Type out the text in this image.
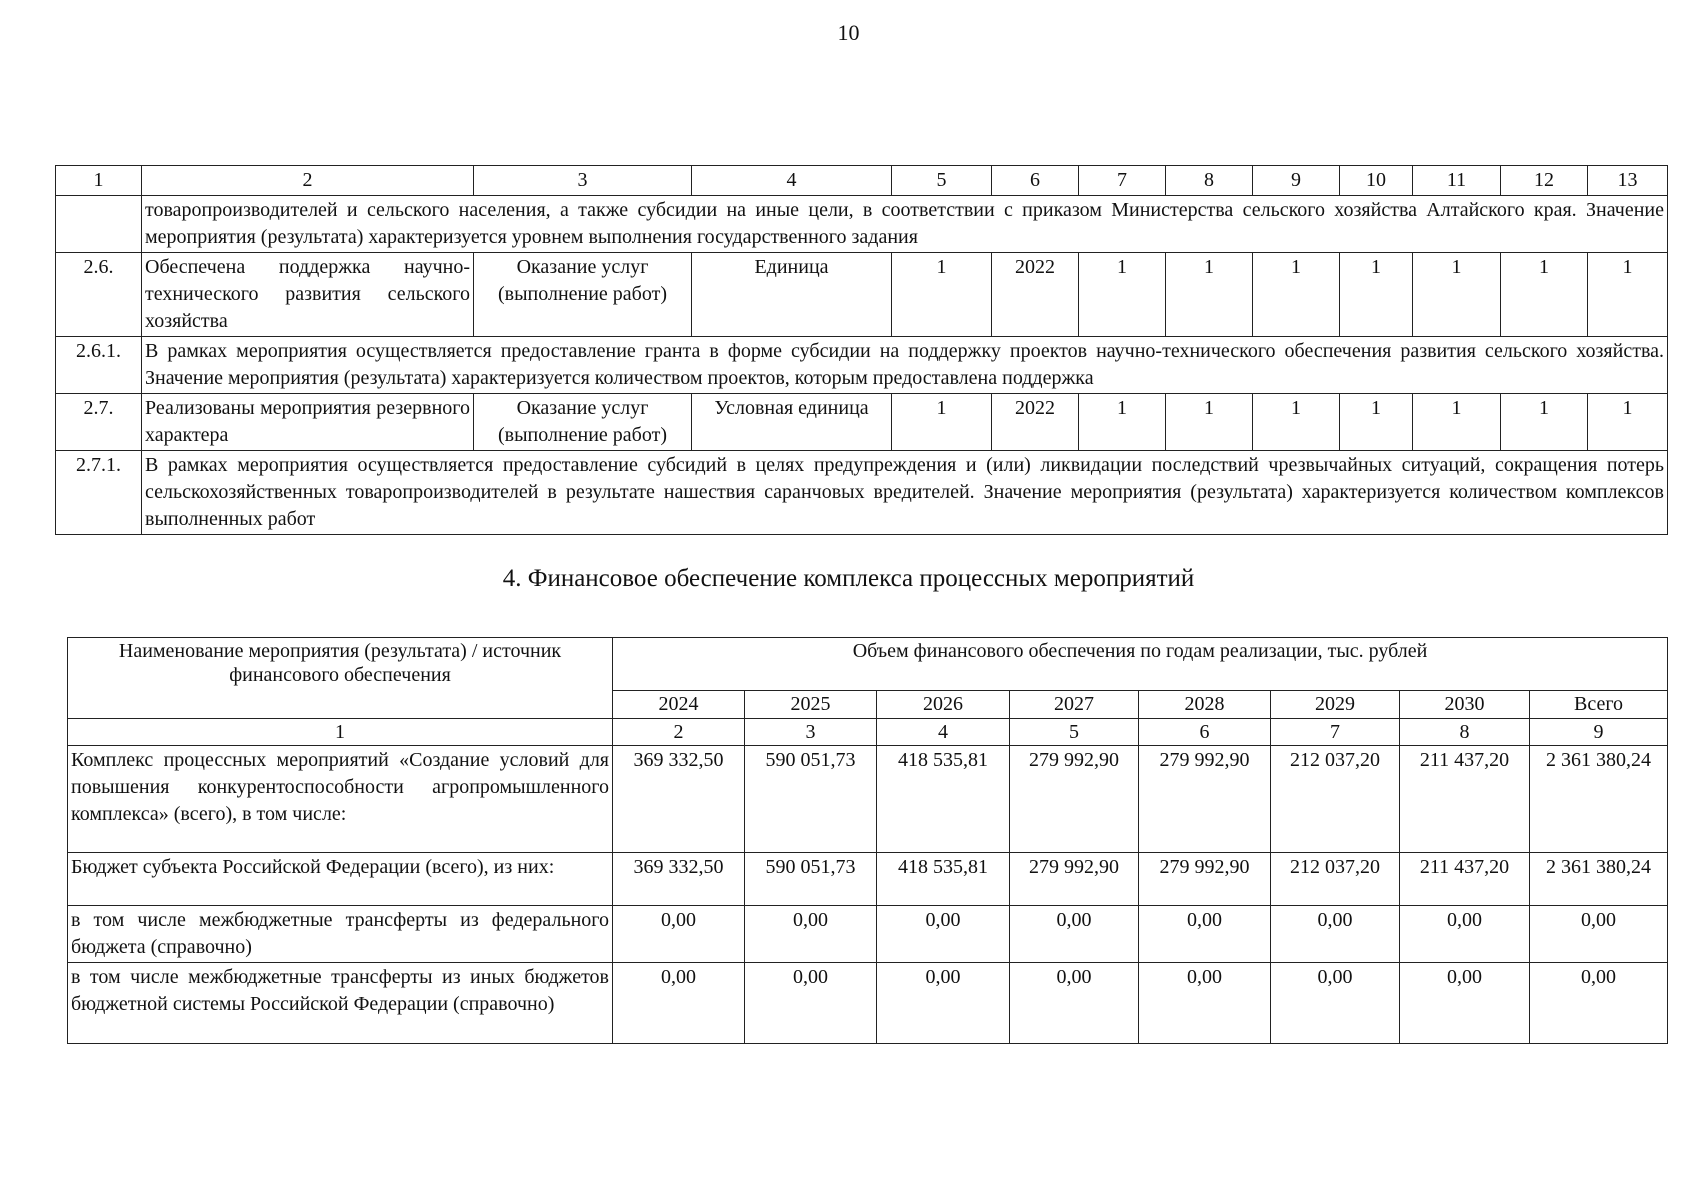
10
1	2	3	4	5	6	7	8	9	10	11	12	13
	товаропроизводителей и сельского населения, а также субсидии на иные цели, в соответствии с приказом Министерства сельского хозяйства Алтайского края. Значение мероприятия (результата) характеризуется уровнем выполнения государственного задания											
2.6.	Обеспечена поддержка научно-технического развития сельского хозяйства	Оказание услуг (выполнение работ)	Единица	1	2022	1	1	1	1	1	1	1
2.6.1.	В рамках мероприятия осуществляется предоставление гранта в форме субсидии на поддержку проектов научно-технического обеспечения развития сельского хозяйства. Значение мероприятия (результата) характеризуется количеством проектов, которым предоставлена поддержка											
2.7.	Реализованы мероприятия резервного характера	Оказание услуг (выполнение работ)	Условная единица	1	2022	1	1	1	1	1	1	1
2.7.1.	В рамках мероприятия осуществляется предоставление субсидий в целях предупреждения и (или) ликвидации последствий чрезвычайных ситуаций, сокращения потерь сельскохозяйственных товаропроизводителей в результате нашествия саранчовых вредителей. Значение мероприятия (результата) характеризуется количеством комплексов выполненных работ											
4. Финансовое обеспечение комплекса процессных мероприятий
Наименование мероприятия (результата) / источник финансового обеспечения	Объем финансового обеспечения по годам реализации, тыс. рублей							
	2024	2025	2026	2027	2028	2029	2030	Всего
1	2	3	4	5	6	7	8	9
Комплекс процессных мероприятий «Создание условий для повышения конкурентоспособности агропромышленного комплекса» (всего), в том числе:	369 332,50	590 051,73	418 535,81	279 992,90	279 992,90	212 037,20	211 437,20	2 361 380,24
Бюджет субъекта Российской Федерации (всего), из них:	369 332,50	590 051,73	418 535,81	279 992,90	279 992,90	212 037,20	211 437,20	2 361 380,24
в том числе межбюджетные трансферты из федерального бюджета (справочно)	0,00	0,00	0,00	0,00	0,00	0,00	0,00	0,00
в том числе межбюджетные трансферты из иных бюджетов бюджетной системы Российской Федерации (справочно)	0,00	0,00	0,00	0,00	0,00	0,00	0,00	0,00
